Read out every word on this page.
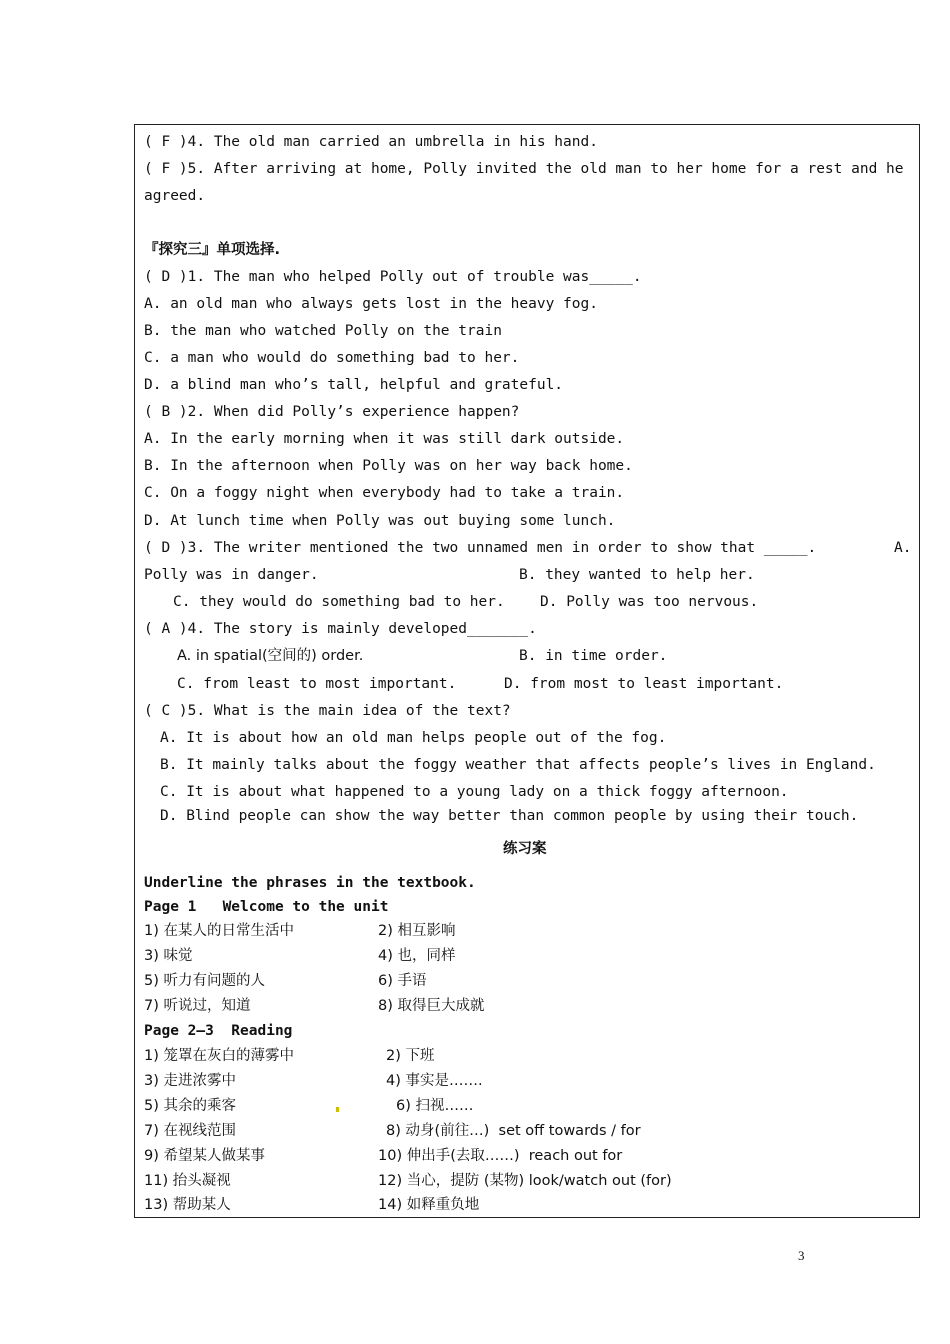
( F )4. The old man carried an umbrella in his hand.
( F )5. After arriving at home, Polly invited the old man to her home for a rest and he
agreed.
『探究三』单项选择.
( D )1. The man who helped Polly out of trouble was_____.
A. an old man who always gets lost in the heavy fog.
B. the man who watched Polly on the train
C. a man who would do something bad to her.
D. a blind man who’s tall, helpful and grateful.
( B )2. When did Polly’s experience happen?
A. In the early morning when it was still dark outside.
B. In the afternoon when Polly was on her way back home.
C. On a foggy night when everybody had to take a train.
D. At lunch time when Polly was out buying some lunch.
( D )3. The writer mentioned the two unnamed men in order to show that _____.	A.
Polly was in danger.	B. they wanted to help her.
C. they would do something bad to her. D. Polly was too nervous.
( A )4. The story is mainly developed_______.
A. in spatial(空间的) order.	B. in time order.
C. from least to most important.	D. from most to least important.
( C )5. What is the main idea of the text?
A. It is about how an old man helps people out of the fog.
B. It mainly talks about the foggy weather that affects people’s lives in England.
C. It is about what happened to a young lady on a thick foggy afternoon.
D. Blind people can show the way better than common people by using their touch.
练习案
Underline the phrases in the textbook.
Page 1   Welcome to the unit
1) 在某人的日常生活中	2) 相互影响
3) 味觉	4) 也，同样
5) 听力有问题的人	6) 手语
7) 听说过，知道	8) 取得巨大成就
Page 2—3  Reading
1) 笼罩在灰白的薄雾中	2) 下班
3) 走进浓雾中	4) 事实是…….
5) 其余的乘客	6) 扫视……
7) 在视线范围	8) 动身(前往…)  set off towards / for
9) 希望某人做某事	10) 伸出手(去取……)  reach out for
11) 抬头凝视	12) 当心，提防 (某物) look/watch out (for)
13) 帮助某人	14) 如释重负地
3
